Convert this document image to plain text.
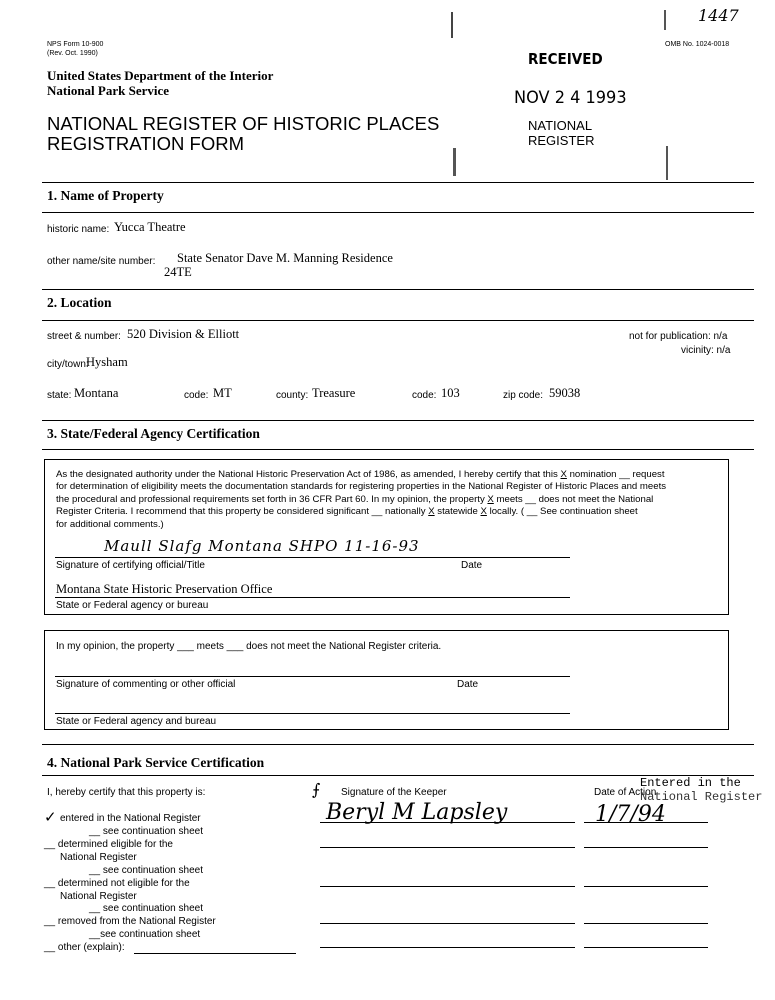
1447
NPS Form 10-900
(Rev. Oct. 1990)
OMB No. 1024-0018
United States Department of the Interior
National Park Service
NATIONAL REGISTER OF HISTORIC PLACES
REGISTRATION FORM
RECEIVED
NOV 2 4 1993
NATIONAL
REGISTER
1. Name of Property
historic name: Yucca Theatre
other name/site number: State Senator Dave M. Manning Residence
24TE
2. Location
street & number: 520 Division & Elliott	not for publication: n/a
vicinity: n/a
city/town:
Hysham
state: Montana	code: MT	county: Treasure	code: 103	zip code: 59038
3. State/Federal Agency Certification
As the designated authority under the National Historic Preservation Act of 1986, as amended, I hereby certify that this X nomination __ request
for determination of eligibility meets the documentation standards for registering properties in the National Register of Historic Places and meets
the procedural and professional requirements set forth in 36 CFR Part 60. In my opinion, the property X meets __ does not meet the National
Register Criteria. I recommend that this property be considered significant __ nationally X statewide X locally. ( __ See continuation sheet
for additional comments.)
Maull Slafg Montana SHPO 11-16-93
Signature of certifying official/Title	Date
Montana State Historic Preservation Office
State or Federal agency or bureau
In my opinion, the property ___ meets ___ does not meet the National Register criteria.
Signature of commenting or other official	Date
State or Federal agency and bureau
4. National Park Service Certification
I, hereby certify that this property is:	⨍ Signature of the Keeper	Date of Action
Entered in the
National Register
Beryl M Lapsley	1/7/94
✓ entered in the National Register
__ see continuation sheet
__ determined eligible for the
National Register
__ see continuation sheet
__ determined not eligible for the
National Register
__ see continuation sheet
__ removed from the National Register
__see continuation sheet
__ other (explain):
